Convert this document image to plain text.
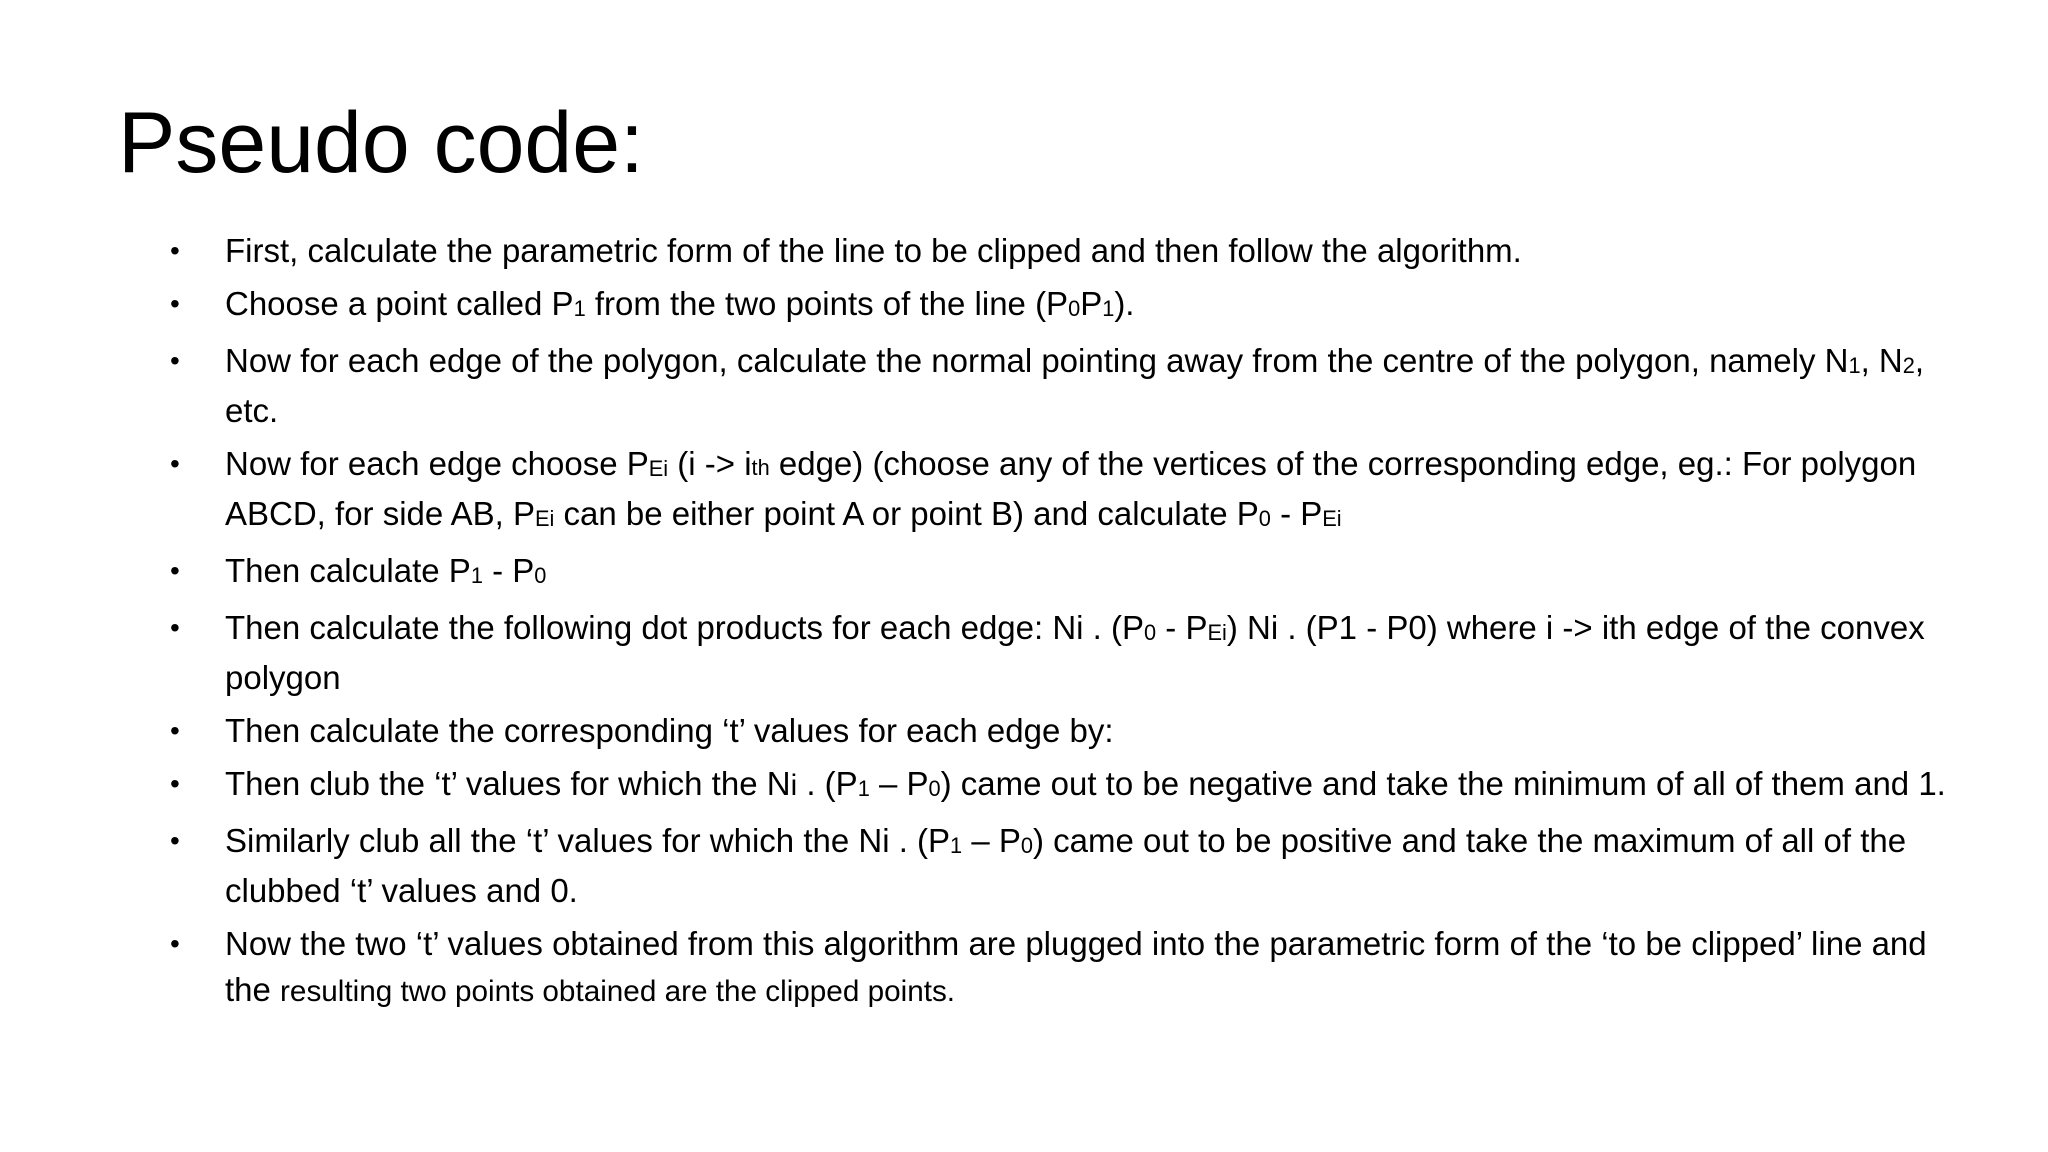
Pseudo code:
•	First, calculate the parametric form of the line to be clipped and then follow the algorithm.
•	Choose a point called P1 from the two points of the line (P0P1).
•	Now for each edge of the polygon, calculate the normal pointing away from the centre of the polygon, namely N1, N2, etc.
•	Now for each edge choose PEi (i -> ith edge) (choose any of the vertices of the corresponding edge, eg.: For polygon ABCD, for side AB, PEi can be either point A or point B) and calculate P0 - PEi
•	Then calculate P1 - P0
•	Then calculate the following dot products for each edge: Ni . (P0 - PEi) Ni . (P1 - P0) where i -> ith edge of the convex polygon
•	Then calculate the corresponding ‘t’ values for each edge by:
•	Then club the ‘t’ values for which the Ni . (P1 – P0) came out to be negative and take the minimum of all of them and 1.
•	Similarly club all the ‘t’ values for which the Ni . (P1 – P0) came out to be positive and take the maximum of all of the clubbed ‘t’ values and 0.
•	Now the two ‘t’ values obtained from this algorithm are plugged into the parametric form of the ‘to be clipped’ line and the resulting two points obtained are the clipped points.
